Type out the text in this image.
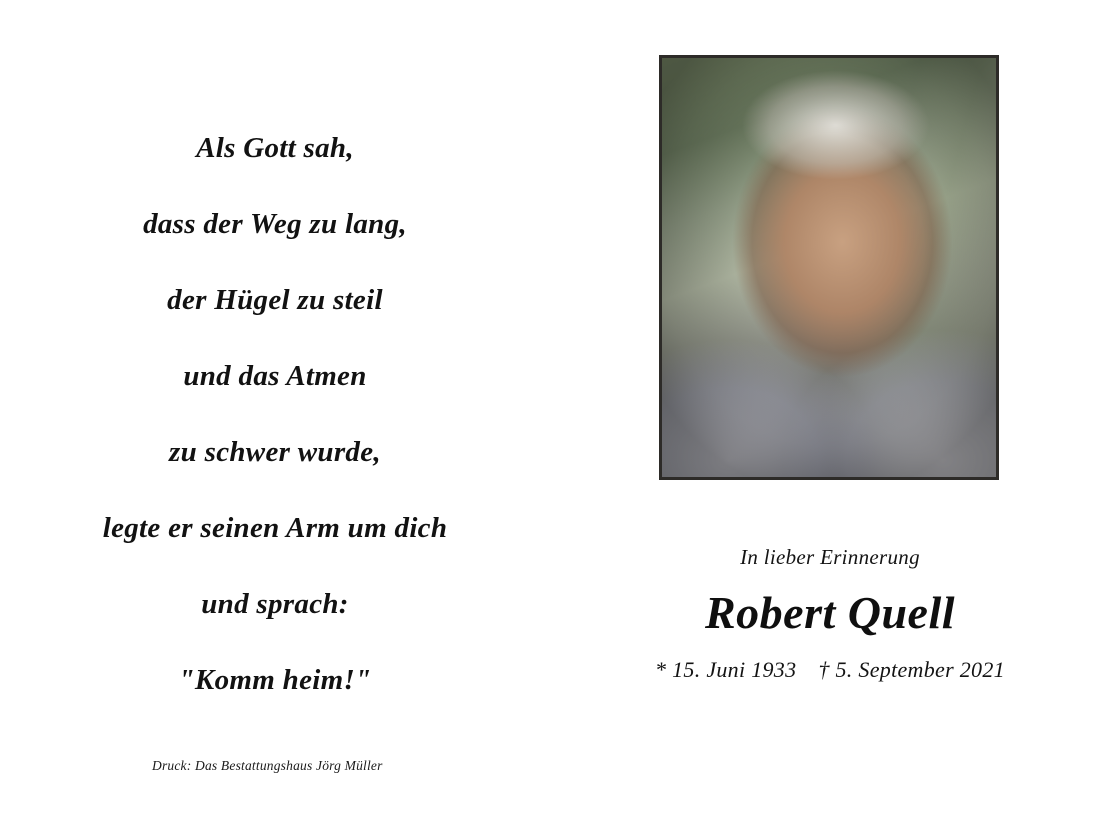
Als Gott sah,
dass der Weg zu lang,
der Hügel zu steil
und das Atmen
zu schwer wurde,
legte er seinen Arm um dich
und sprach:
"Komm heim!"
Druck: Das Bestattungshaus Jörg Müller
In lieber Erinnerung
Robert Quell
* 15. Juni 1933 † 5. September 2021
